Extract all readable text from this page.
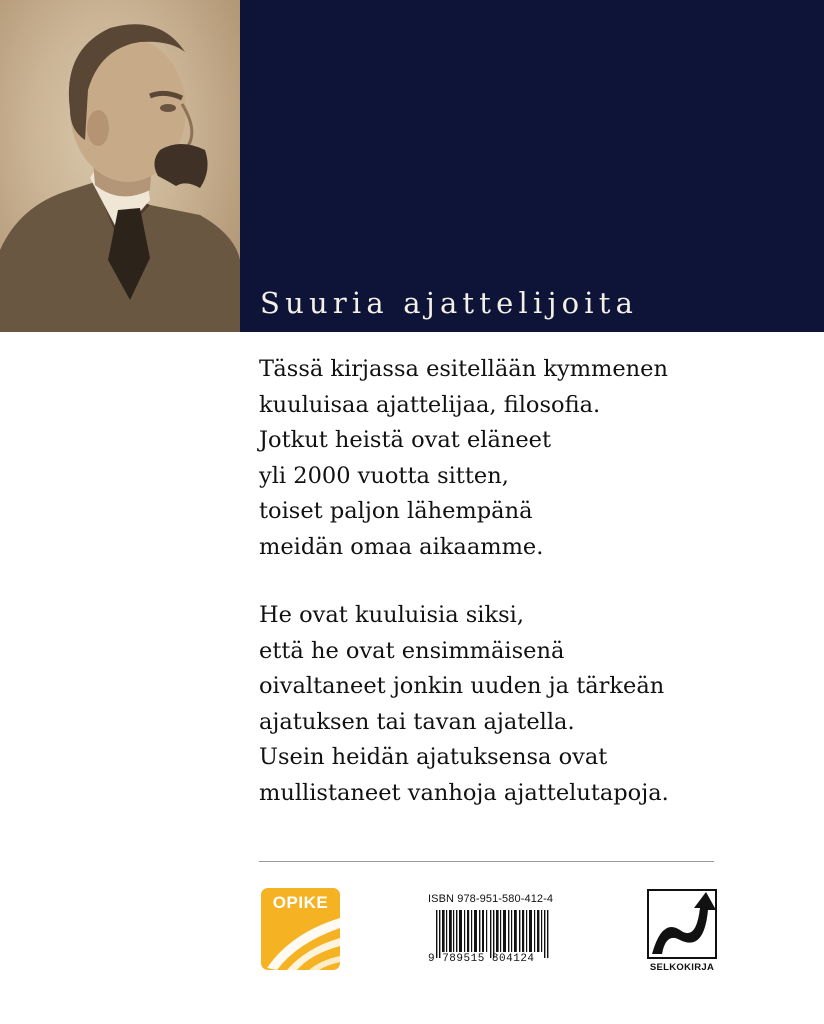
Suuria ajattelijoita
Tässä kirjassa esitellään kymmenen
kuuluisaa ajattelijaa, filosofia.
Jotkut heistä ovat eläneet
yli 2000 vuotta sitten,
toiset paljon lähempänä
meidän omaa aikaamme.
He ovat kuuluisia siksi,
että he ovat ensimmäisenä
oivaltaneet jonkin uuden ja tärkeän
ajatuksen tai tavan ajatella.
Usein heidän ajatuksensa ovat
mullistaneet vanhoja ajattelutapoja.
OPIKE	ISBN 978-951-580-412-4
9 789515 804124
SELKOKIRJA
